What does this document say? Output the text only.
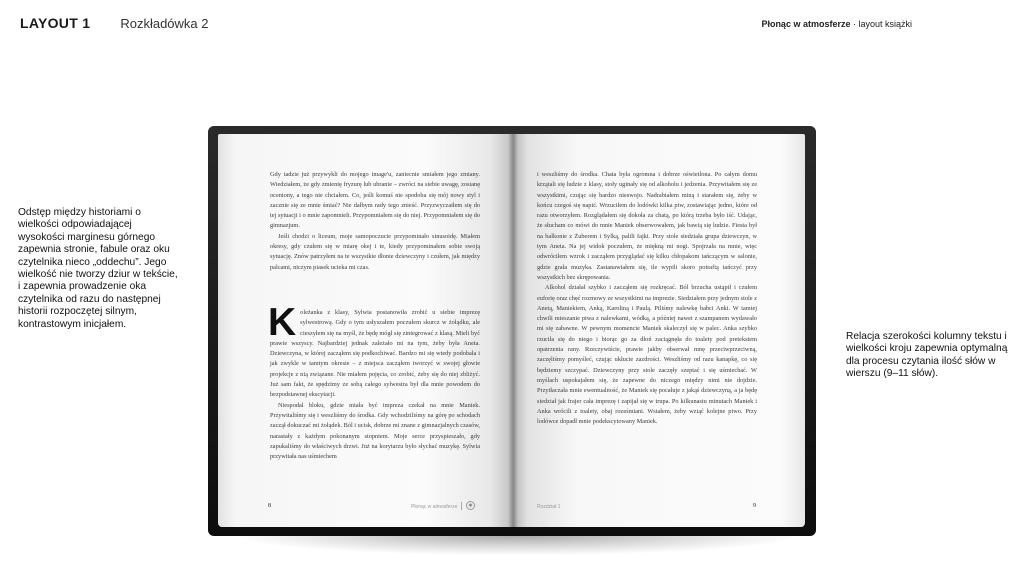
LAYOUT 1 Rozkładówka 2	Płonąc w atmosferze · layout książki
Odstęp między historiami o wielkości odpowiadającej wysokości marginesu górnego zapewnia stronie, fabule oraz oku czytelnika nieco „oddechu”. Jego wielkość nie tworzy dziur w tekście, i zapewnia prowadzenie oka czytelnika od razu do następnej historii rozpoczętej silnym, kontrastowym inicjałem.
Relacja szerokości kolumny tekstu i wielkości kroju zapewnia optymalną dla procesu czytania ilość słów w wierszu (9–11 słów).

Gdy tadzie już przywykli do mojego image'u, zaniecnie smiałem jego zmiany. Wiedziałem, że gdy zmienię fryzurę lub ubranie – zwróci na siebie uwagę, zostanę oceniony, a tego nie chciałem. Co, jeśli komuś nie spodoba się mój nowy styl i zacznie się ze mnie śmiać? Nie dałbym rady tego znieść. Przyzwyczaiłem się do tej sytuacji i o mnie zapomnieli. Przypomniałem się do niej. Przypomniałem się do gimnazjum.

Jeśli chodzi o liceum, moje samopoczucie przypominało sinusoidę. Miałem okresy, gdy czułem się w miarę okej i te, kiedy przypominałem sobie swoją sytuację. Znów patrzyłem na te wszystkie dłonie dziewczyny i czułem, jak między palcami, niczym piasek ucieka mi czas.

Koleżanka z klasy, Sylwia postanowiła zrobić u siebie imprezę sylwestrową. Gdy o tym usłyszałem poczułem skurcz w żołądku, ale cieszyłem się na myśl, że będę mógł się zintegrować z klasą. Mieli być prawie wszyscy. Najbardziej jednak zależało mi na tym, żeby była Aneta. Dziewczyna, w której zacząłem się podkochiwać. Bardzo mi się wtedy podobała i jak zwykle w tamtym okresie – z miejsca zacząłem tworzyć w swojej głowie projekcje z nią związane. Nie miałem pojęcia, co zrobić, żeby się do niej zbliżyć. Już sam fakt, że spędzimy ze sobą całego sylwestra był dla mnie powodem do bezpodstawnej ekscytacji.

Niespodal bloku, gdzie miała być impreza czekał na mnie Maniek. Przywitaliśmy się i weszliśmy do środka. Gdy wchodziliśmy na górę po schodach zaczął dokuczać mi żołądek. Ból i ucisk, dobrze mi znane z gimnazjalnych czasów, narastały z każdym pokonanym stopniem. Moje serce przyspieszało, gdy zapukaliśmy do właściwych drzwi. Już na korytarzu było słychać muzykę. Sylwia przywitała nas uśmiechem

8	Płonąc w atmosferze	✱

i weszliśmy do środka. Chata była ogromna i dobrze oświetlona. Po całym domu krzątali się ludzie z klasy, stoły uginały się od alkoholu i jedzenia. Przywitałem się ze wszystkimi, czując się bardzo nieswojo. Nadrabiałem miną i starałem się, żeby w końcu czegoś się napić. Wrzuciłem do lodówki kilka piw, zostawiając jedno, które od razu otworzyłem. Rozglądałem się dokoła za chatą, po którą trzeba było iść. Udając, że słucham co mówi do mnie Maniek obserwowałem, jak bawią się ludzie. Fiesta był na balkonie z Żuberem i Sylką, palili fajki. Przy stole siedziała grupa dziewczyn, w tym Aneta. Na jej widok poczułem, że miękną mi nogi. Spojrzała na mnie, więc odwróciłem wzrok i zacząłem przyglądać się kilku chłopakom tańczącym w salonie, gdzie grała muzyka. Zastanawiałem się, ile wypili skoro potrafią tańczyć przy wszystkich bez skrępowania.

Alkohol działał szybko i zacząłem się rozkręcać. Ból brzucha ustąpił i czułem euforię oraz chęć rozmowy ze wszystkimi na imprezie. Siedziałem przy jednym stole z Anetą, Maniekiem, Anką, Karoliną i Paulą. Piliśmy nalewkę babci Anki. W tamtej chwili mieszanie piwa z nalewkami, wódką, a później nawet z szampanem wydawało mi się zabawne. W pewnym momencie Maniek skaleczył się w palec. Anka szybko rzuciła się do niego i biorąc go za dłoń zaciągnęła do toalety pod pretekstem opatrzenia rany. Rzeczywiście, prawie jakby obserwał mnę przeciwprzeciwną, zaczęliśmy pomyśleć, czując ukłucie zazdrości. Weszliśmy od razu kanapkę, co się będziemy szczypać. Dziewczyny przy stole zaczęły szeptać i się uśmiechać. W myślach uspokajałem się, że zapewne do niczego między nimi nie dojdzie. Przytłaczała mnie ewentualność, że Maniek się pocałuje z jakąś dziewczyną, a ja będę siedział jak frajer cała imprezę i zapijał się w trupa. Po kilkunastu minutach Maniek i Anka wrócili z toalety, obaj roześmiani. Wstałem, żeby wziąć kolejne piwo. Przy lodówce dopadł mnie podekscytowany Maniek.

Rozdział 1	9
